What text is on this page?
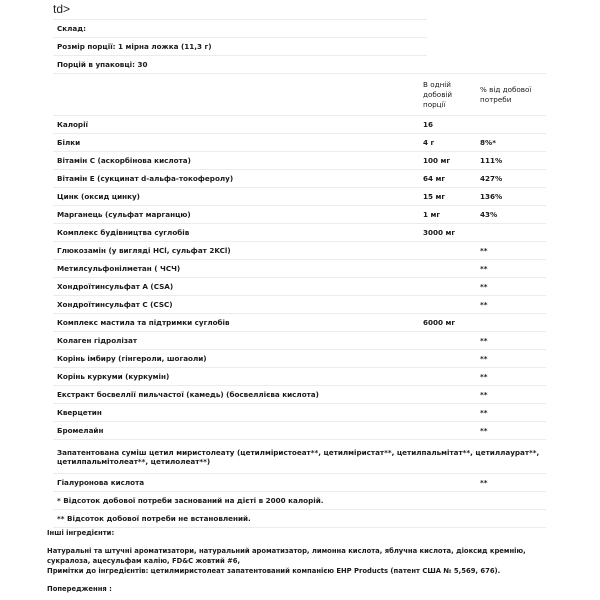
td>
Склад:
Розмір порції: 1 мірна ложка (11,3 г)
Порцій в упаковці: 30
	В одній добовій порції	% від добової потреби
Калорії	16	
Білки	4 г	8%*
Вітамін C (аскорбінова кислота)	100 мг	111%
Вітамін E (сукцинат d-альфа-токоферолу)	64 мг	427%
Цинк (оксид цинку)	15 мг	136%
Марганець (сульфат марганцю)	1 мг	43%
Комплекс будівництва суглобів	3000 мг	
Глюкозамін (у вигляді HCl, сульфат 2KCl)		**
Метилсульфонілметан ( ЧСЧ)		**
Хондроїтинсульфат A (CSA)		**
Хондроїтинсульфат C (CSC)		**
Комплекс мастила та підтримки суглобів	6000 мг	
Колаген гідролізат		**
Корінь імбиру (гінгероли, шогаоли)		**
Корінь куркуми (куркумін)		**
Екстракт босвеллії пильчастої (камедь) (босвеллієва кислота)		**
Кверцетин		**
Бромелайн		**
Запатентована суміш цетил миристолеату (цетилміристоеат**, цетилміристат**, цетилпальмітат**, цетиллаурат**, цетилпальмітолеат**, цетилолеат**)		
Гіалуронова кислота		**
* Відсоток добової потреби заснований на дієті в 2000 калорій.		
** Відсоток добової потреби не встановлений.		

Інші інгредієнти:

Натуральні та штучні ароматизатори, натуральний ароматизатор, лимонна кислота, яблучна кислота, діоксид кремнію, сукралоза, ацесульфам калію, FD&C жовтий #6,

Примітки до інгредієнтів: цетилмиристолеат запатентований компанією EHP Products (патент США № 5,569, 676).

Попередження :
